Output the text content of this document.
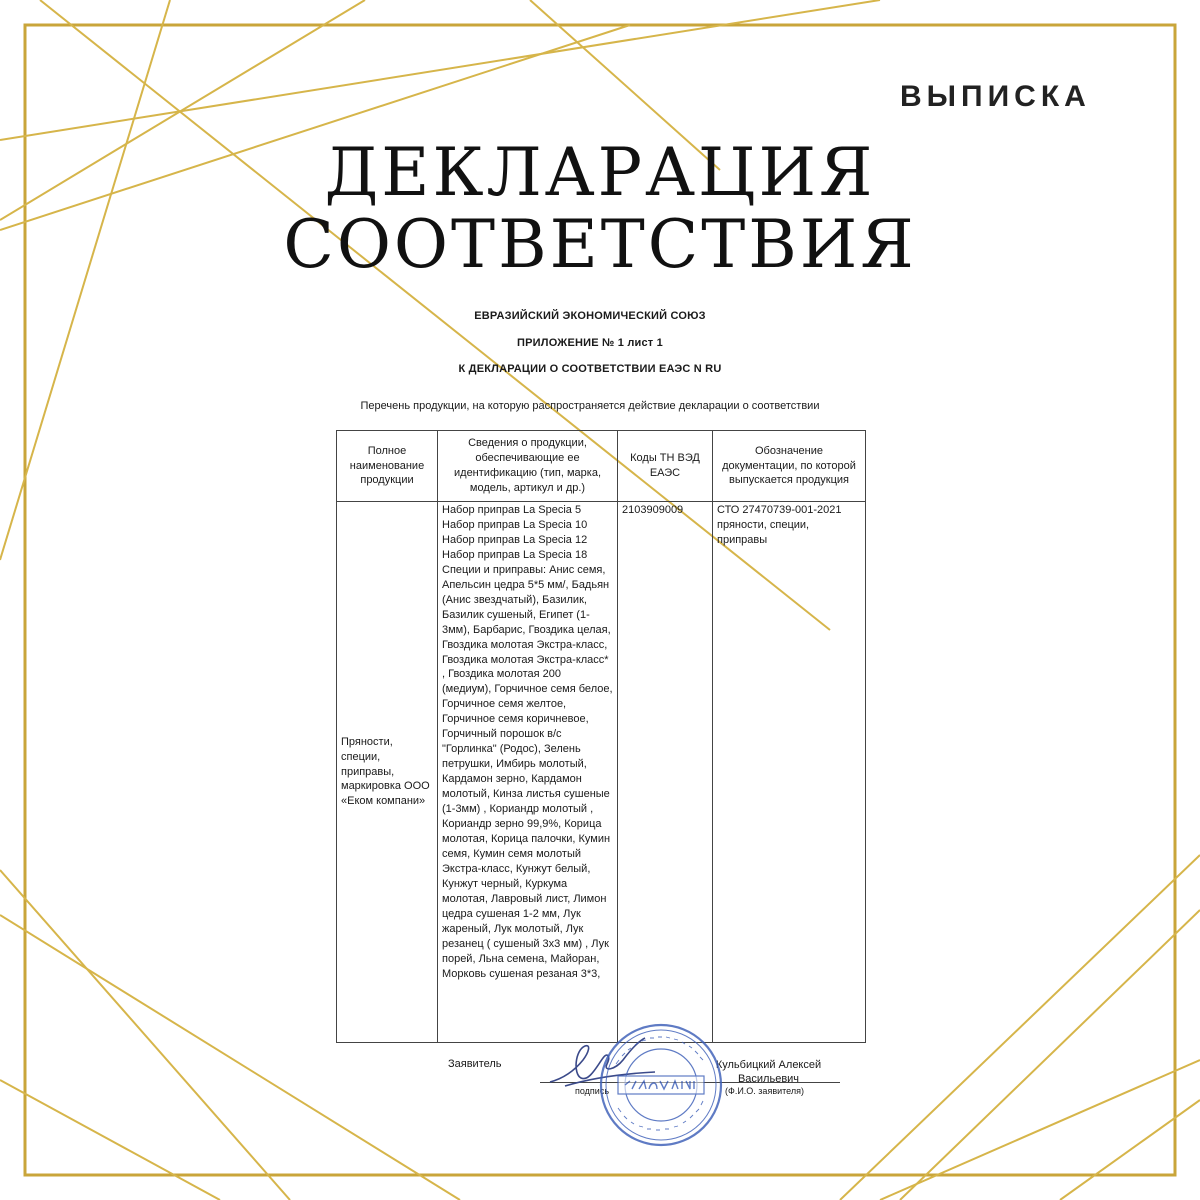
ВЫПИСКА
ДЕКЛАРАЦИЯ
СООТВЕТСТВИЯ
ЕВРАЗИЙСКИЙ ЭКОНОМИЧЕСКИЙ СОЮЗ
ПРИЛОЖЕНИЕ № 1 лист 1
К ДЕКЛАРАЦИИ О СООТВЕТСТВИИ ЕАЭС N RU
Перечень продукции, на которую распространяется действие декларации о соответствии
Полное наименование продукции	Сведения о продукции, обеспечивающие ее идентификацию (тип, марка, модель, артикул и др.)	Коды ТН ВЭД ЕАЭС	Обозначение документации, по которой выпускается продукция
Пряности, специи, приправы, маркировка ООО «Еком компани»	Набор приправ La Specia 5 Набор приправ La Specia 10 Набор приправ La Specia 12 Набор приправ La Specia 18 Специи и приправы: Анис семя, Апельсин цедра 5*5 мм/, Бадьян (Анис звездчатый), Базилик, Базилик сушеный, Египет (1-3мм), Барбарис, Гвоздика целая, Гвоздика молотая Экстра-класс, Гвоздика молотая Экстра-класс* , Гвоздика молотая 200 (медиум), Горчичное семя белое, Горчичное семя желтое, Горчичное семя коричневое, Горчичный порошок в/с "Горлинка" (Родос), Зелень петрушки, Имбирь молотый, Кардамон зерно, Кардамон молотый, Кинза листья сушеные (1-3мм) , Кориандр молотый , Кориандр зерно 99,9%, Корица молотая, Корица палочки, Кумин семя, Кумин семя молотый Экстра-класс, Кунжут белый, Кунжут черный, Куркума молотая, Лавровый лист, Лимон цедра сушеная 1-2 мм, Лук жареный, Лук молотый, Лук резанец ( сушеный 3х3 мм) , Лук порей, Льна семена, Майоран, Морковь сушеная резаная 3*3,	2103909009	СТО 27470739-001-2021 пряности, специи, приправы
Заявитель
подпись
Кульбицкий Алексей Васильевич
(Ф.И.О. заявителя)
